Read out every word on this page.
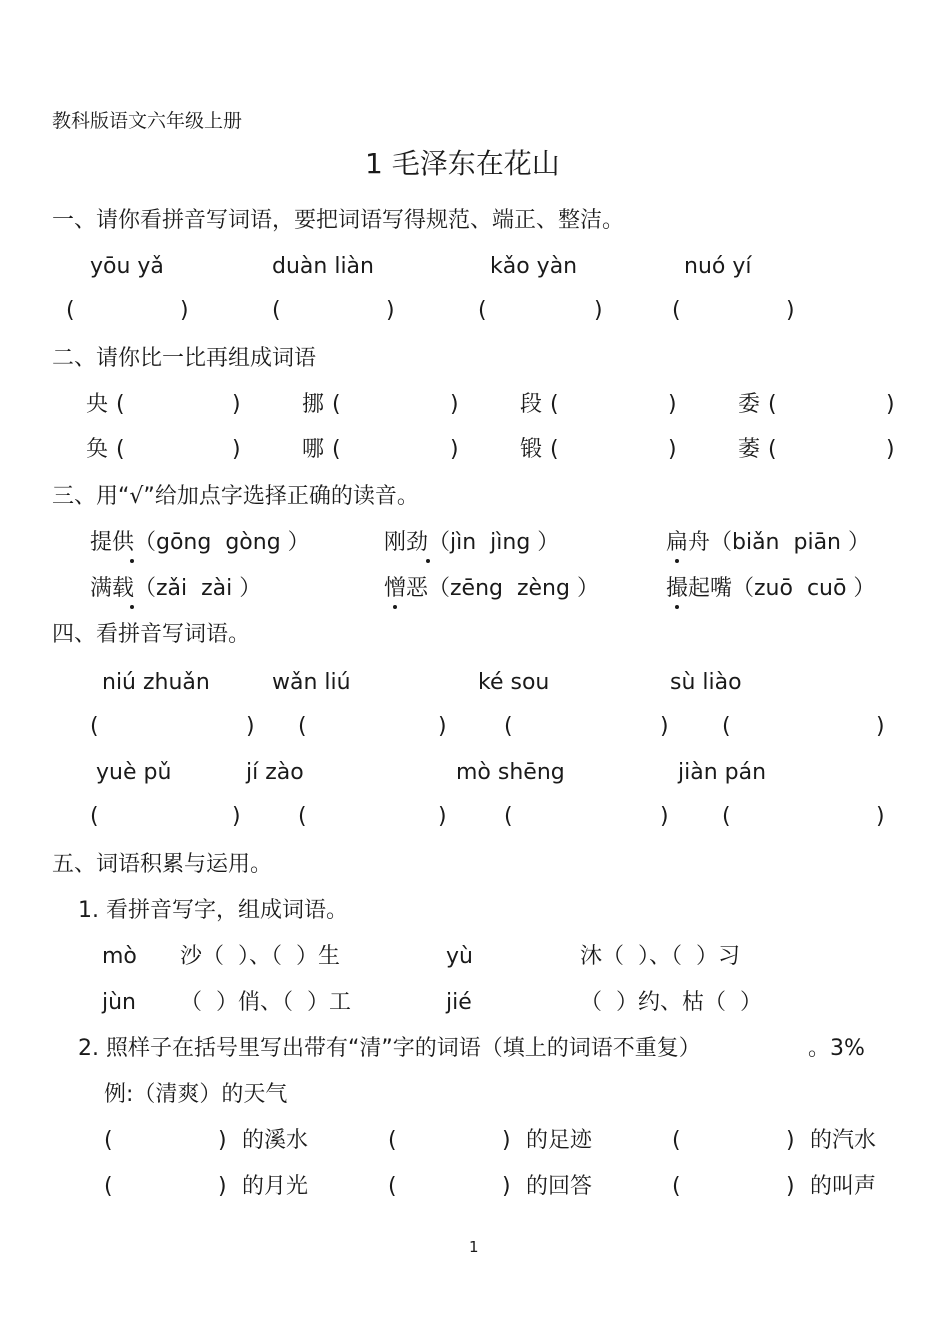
教科版语文六年级上册
1 毛泽东在花山
一、请你看拼音写词语，要把词语写得规范、端正、整洁。
yōu yǎ	duàn liàn	kǎo yàn	nuó yí
(	)	(	)	(	)	(	)
二、请你比一比再组成词语
央 (	)	挪 (	)	段 (	)	委 (	)
奂 (	)	哪 (	)	锻 (	)	萎 (	)
三、用“√”给加点字选择正确的读音。
提供（gōng  gòng ）	刚劲（jìn  jìng ）	扁舟（biǎn  piān ）
满载（zǎi  zài ）	憎恶（zēng  zèng ）	撮起嘴（zuō  cuō ）
四、看拼音写词语。
niú zhuǎn	wǎn liú	ké sou	sù liào
(	) (	)	(	) (	)
yuè pǔ	jí zào	mò shēng	jiàn pán
(	)	(	)	(	) (	)
五、词语积累与运用。
1. 看拼音写字，组成词语。
mò 沙（  ）、（  ）生	yù	沐（  ）、（  ）习
jùn （  ）俏、（  ）工	jié	（  ）约、枯（  ）
2. 照样子在括号里写出带有“清”字的词语（填上的词语不重复）	。3%
例:（清爽）的天气
(	) 的溪水	(	) 的足迹	(	) 的汽水
(	) 的月光	(	) 的回答	(	) 的叫声
1
